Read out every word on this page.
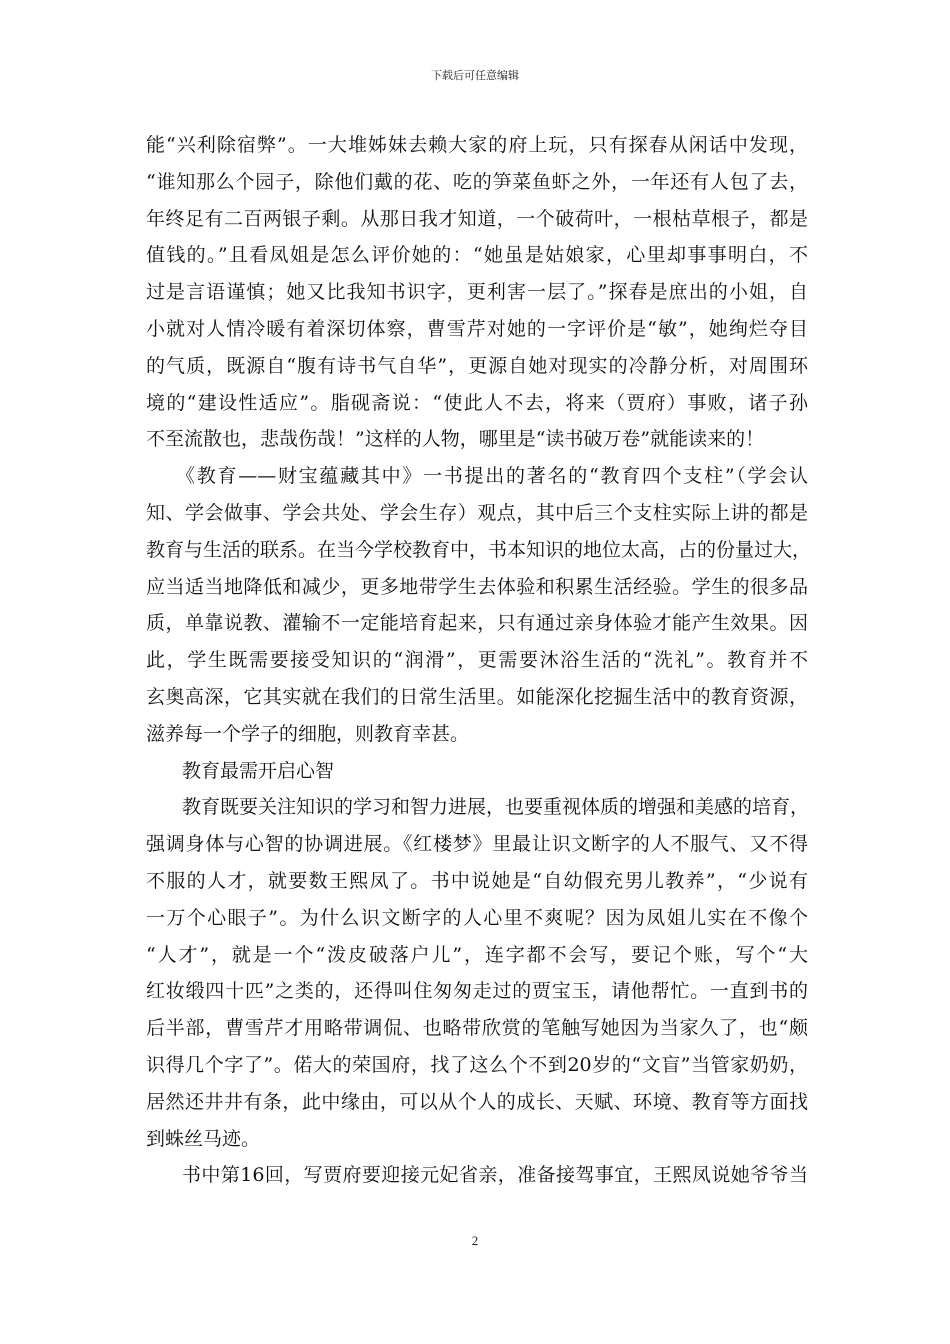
下载后可任意编辑
能“兴利除宿弊”。一大堆姊妹去赖大家的府上玩，只有探春从闲话中发现，
“谁知那么个园子，除他们戴的花、吃的笋菜鱼虾之外，一年还有人包了去，
年终足有二百两银子剩。从那日我才知道，一个破荷叶，一根枯草根子，都是
值钱的。”且看凤姐是怎么评价她的：“她虽是姑娘家，心里却事事明白，不
过是言语谨慎；她又比我知书识字，更利害一层了。”探春是庶出的小姐，自
小就对人情冷暖有着深切体察，曹雪芹对她的一字评价是“敏”，她绚烂夺目
的气质，既源自“腹有诗书气自华”，更源自她对现实的冷静分析，对周围环
境的“建设性适应”。脂砚斋说：“使此人不去，将来（贾府）事败，诸子孙
不至流散也，悲哉伤哉！”这样的人物，哪里是“读书破万卷”就能读来的！
《教育——财宝蕴藏其中》一书提出的著名的“教育四个支柱”（学会认
知、学会做事、学会共处、学会生存）观点，其中后三个支柱实际上讲的都是
教育与生活的联系。在当今学校教育中，书本知识的地位太高，占的份量过大，
应当适当地降低和减少，更多地带学生去体验和积累生活经验。学生的很多品
质，单靠说教、灌输不一定能培育起来，只有通过亲身体验才能产生效果。因
此，学生既需要接受知识的“润滑”，更需要沐浴生活的“洗礼”。教育并不
玄奥高深，它其实就在我们的日常生活里。如能深化挖掘生活中的教育资源，
滋养每一个学子的细胞，则教育幸甚。
教育最需开启心智
教育既要关注知识的学习和智力进展，也要重视体质的增强和美感的培育，
强调身体与心智的协调进展。《红楼梦》里最让识文断字的人不服气、又不得
不服的人才，就要数王熙凤了。书中说她是“自幼假充男儿教养”，“少说有
一万个心眼子”。为什么识文断字的人心里不爽呢？因为凤姐儿实在不像个
“人才”，就是一个“泼皮破落户儿”，连字都不会写，要记个账，写个“大
红妆缎四十匹”之类的，还得叫住匆匆走过的贾宝玉，请他帮忙。一直到书的
后半部，曹雪芹才用略带调侃、也略带欣赏的笔触写她因为当家久了，也“颇
识得几个字了”。偌大的荣国府，找了这么个不到20岁的“文盲”当管家奶奶，
居然还井井有条，此中缘由，可以从个人的成长、天赋、环境、教育等方面找
到蛛丝马迹。
书中第16回，写贾府要迎接元妃省亲，准备接驾事宜，王熙凤说她爷爷当
2
